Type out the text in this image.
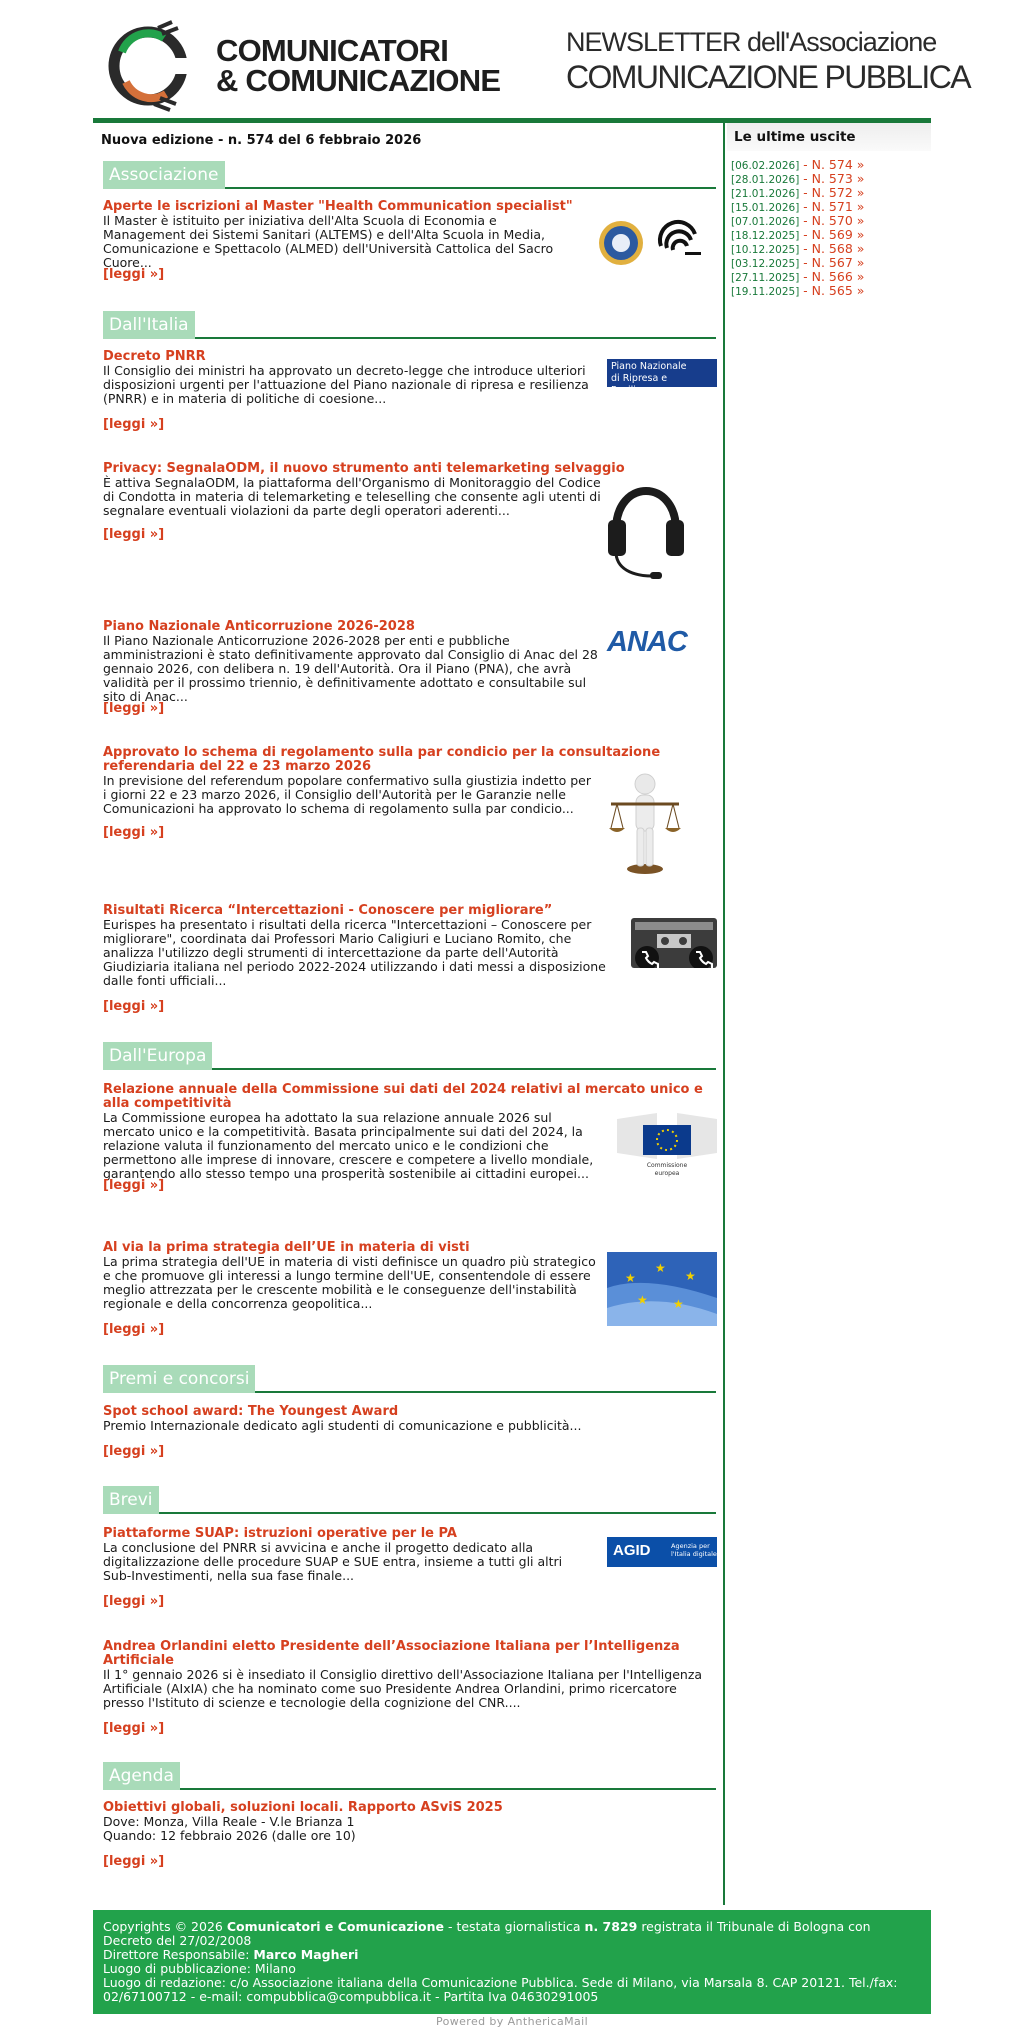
COMUNICATORI
& COMUNICAZIONE
NEWSLETTER dell'Associazione
COMUNICAZIONE PUBBLICA
Nuova edizione - n. 574 del 6 febbraio 2026
Associazione
Aperte le iscrizioni al Master "Health Communication specialist"
Il Master è istituito per iniziativa dell'Alta Scuola di Economia e Management dei Sistemi Sanitari (ALTEMS) e dell'Alta Scuola in Media, Comunicazione e Spettacolo (ALMED) dell'Università Cattolica del Sacro Cuore...
[leggi »]
Dall'Italia
Decreto PNRR
Il Consiglio dei ministri ha approvato un decreto-legge che introduce ulteriori disposizioni urgenti per l'attuazione del Piano nazionale di ripresa e resilienza (PNRR) e in materia di politiche di coesione...
[leggi »]
Piano Nazionale
di Ripresa e Resilienza
Privacy: SegnalaODM, il nuovo strumento anti telemarketing selvaggio
È attiva SegnalaODM, la piattaforma dell'Organismo di Monitoraggio del Codice di Condotta in materia di telemarketing e teleselling che consente agli utenti di segnalare eventuali violazioni da parte degli operatori aderenti...
[leggi »]
Piano Nazionale Anticorruzione 2026-2028
Il Piano Nazionale Anticorruzione 2026-2028 per enti e pubbliche amministrazioni è stato definitivamente approvato dal Consiglio di Anac del 28 gennaio 2026, con delibera n. 19 dell'Autorità. Ora il Piano (PNA), che avrà validità per il prossimo triennio, è definitivamente adottato e consultabile sul sito di Anac...
[leggi »]
ANAC
Approvato lo schema di regolamento sulla par condicio per la consultazione referendaria del 22 e 23 marzo 2026
In previsione del referendum popolare confermativo sulla giustizia indetto per i giorni 22 e 23 marzo 2026, il Consiglio dell'Autorità per le Garanzie nelle Comunicazioni ha approvato lo schema di regolamento sulla par condicio...
[leggi »]
Risultati Ricerca “Intercettazioni - Conoscere per migliorare”
Eurispes ha presentato i risultati della ricerca "Intercettazioni – Conoscere per migliorare", coordinata dai Professori Mario Caligiuri e Luciano Romito, che analizza l'utilizzo degli strumenti di intercettazione da parte dell'Autorità Giudiziaria italiana nel periodo 2022-2024 utilizzando i dati messi a disposizione dalle fonti ufficiali...
[leggi »]
Dall'Europa
Relazione annuale della Commissione sui dati del 2024 relativi al mercato unico e alla competitività
La Commissione europea ha adottato la sua relazione annuale 2026 sul mercato unico e la competitività. Basata principalmente sui dati del 2024, la relazione valuta il funzionamento del mercato unico e le condizioni che permettono alle imprese di innovare, crescere e competere a livello mondiale, garantendo allo stesso tempo una prosperità sostenibile ai cittadini europei...
[leggi »]
Commissione
europea
Al via la prima strategia dell’UE in materia di visti
La prima strategia dell'UE in materia di visti definisce un quadro più strategico e che promuove gli interessi a lungo termine dell'UE, consentendole di essere meglio attrezzata per le crescente mobilità e le conseguenze dell'instabilità regionale e della concorrenza geopolitica...
[leggi »]
★
★
★
★ ★
Premi e concorsi
Spot school award: The Youngest Award
Premio Internazionale dedicato agli studenti di comunicazione e pubblicità...
[leggi »]
Brevi
Piattaforme SUAP: istruzioni operative per le PA
La conclusione del PNRR si avvicina e anche il progetto dedicato alla digitalizzazione delle procedure SUAP e SUE entra, insieme a tutti gli altri Sub-Investimenti, nella sua fase finale...
[leggi »]
AGID	Agenzia per
l'Italia digitale
Andrea Orlandini eletto Presidente dell’Associazione Italiana per l’Intelligenza Artificiale
Il 1° gennaio 2026 si è insediato il Consiglio direttivo dell'Associazione Italiana per l'Intelligenza Artificiale (AIxIA) che ha nominato come suo Presidente Andrea Orlandini, primo ricercatore presso l'Istituto di scienze e tecnologie della cognizione del CNR....
[leggi »]
Agenda
Obiettivi globali, soluzioni locali. Rapporto ASviS 2025
Dove: Monza, Villa Reale - V.le Brianza 1
Quando: 12 febbraio 2026 (dalle ore 10)
[leggi »]
Le ultime uscite
[06.02.2026] - N. 574 »
[28.01.2026] - N. 573 »
[21.01.2026] - N. 572 »
[15.01.2026] - N. 571 »
[07.01.2026] - N. 570 »
[18.12.2025] - N. 569 »
[10.12.2025] - N. 568 »
[03.12.2025] - N. 567 »
[27.11.2025] - N. 566 »
[19.11.2025] - N. 565 »
Copyrights © 2026 Comunicatori e Comunicazione - testata giornalistica n. 7829 registrata il Tribunale di Bologna con
Decreto del 27/02/2008
Direttore Responsabile: Marco Magheri
Luogo di pubblicazione: Milano
Luogo di redazione: c/o Associazione italiana della Comunicazione Pubblica. Sede di Milano, via Marsala 8. CAP 20121. Tel./fax:
02/67100712 - e-mail: compubblica@compubblica.it - Partita Iva 04630291005
Powered by AnthericaMail
